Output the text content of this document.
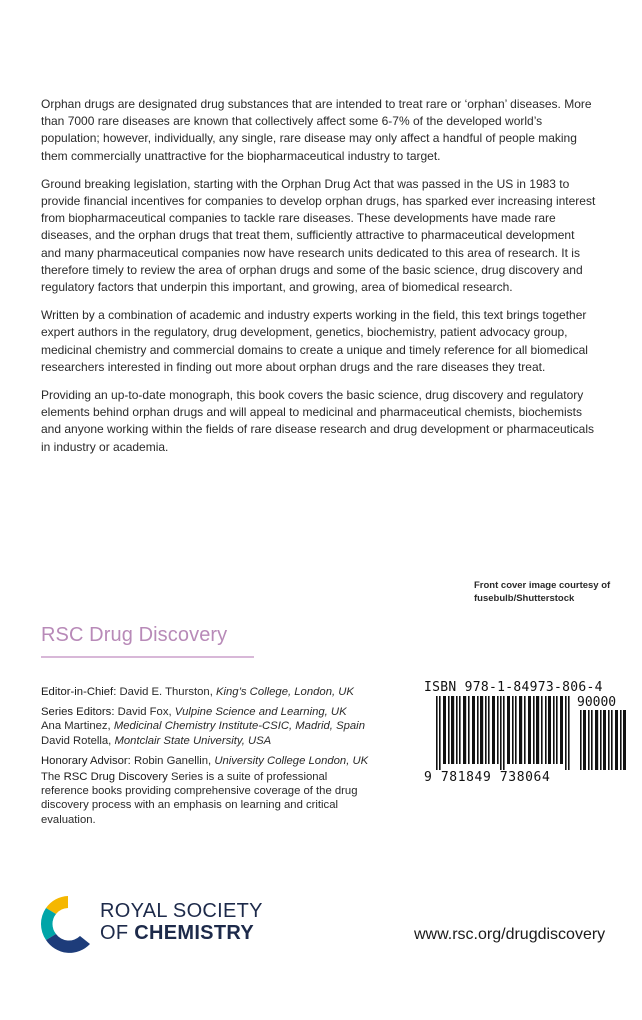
Orphan drugs are designated drug substances that are intended to treat rare or ‘orphan’ diseases. More than 7000 rare diseases are known that collectively affect some 6-7% of the developed world’s population; however, individually, any single, rare disease may only affect a handful of people making them commercially unattractive for the biopharmaceutical industry to target.

Ground breaking legislation, starting with the Orphan Drug Act that was passed in the US in 1983 to provide financial incentives for companies to develop orphan drugs, has sparked ever increasing interest from biopharmaceutical companies to tackle rare diseases. These developments have made rare diseases, and the orphan drugs that treat them, sufficiently attractive to pharmaceutical development and many pharmaceutical companies now have research units dedicated to this area of research. It is therefore timely to review the area of orphan drugs and some of the basic science, drug discovery and regulatory factors that underpin this important, and growing, area of biomedical research.

Written by a combination of academic and industry experts working in the field, this text brings together expert authors in the regulatory, drug development, genetics, biochemistry, patient advocacy group, medicinal chemistry and commercial domains to create a unique and timely reference for all biomedical researchers interested in finding out more about orphan drugs and the rare diseases they treat.

Providing an up-to-date monograph, this book covers the basic science, drug discovery and regulatory elements behind orphan drugs and will appeal to medicinal and pharmaceutical chemists, biochemists and anyone working within the fields of rare disease research and drug development or pharmaceuticals in industry or academia.

Front cover image courtesy of
fusebulb/Shutterstock
RSC Drug Discovery
Editor-in-Chief: David E. Thurston, King’s College, London, UK
Series Editors: David Fox, Vulpine Science and Learning, UK
Ana Martinez, Medicinal Chemistry Institute-CSIC, Madrid, Spain
David Rotella, Montclair State University, USA
Honorary Advisor: Robin Ganellin, University College London, UK
The RSC Drug Discovery Series is a suite of professional reference books providing comprehensive coverage of the drug discovery process with an emphasis on learning and critical evaluation.
ISBN 978-1-84973-806-4
90000
9 781849 738064
ROYAL SOCIETY
OF CHEMISTRY	www.rsc.org/drugdiscovery
